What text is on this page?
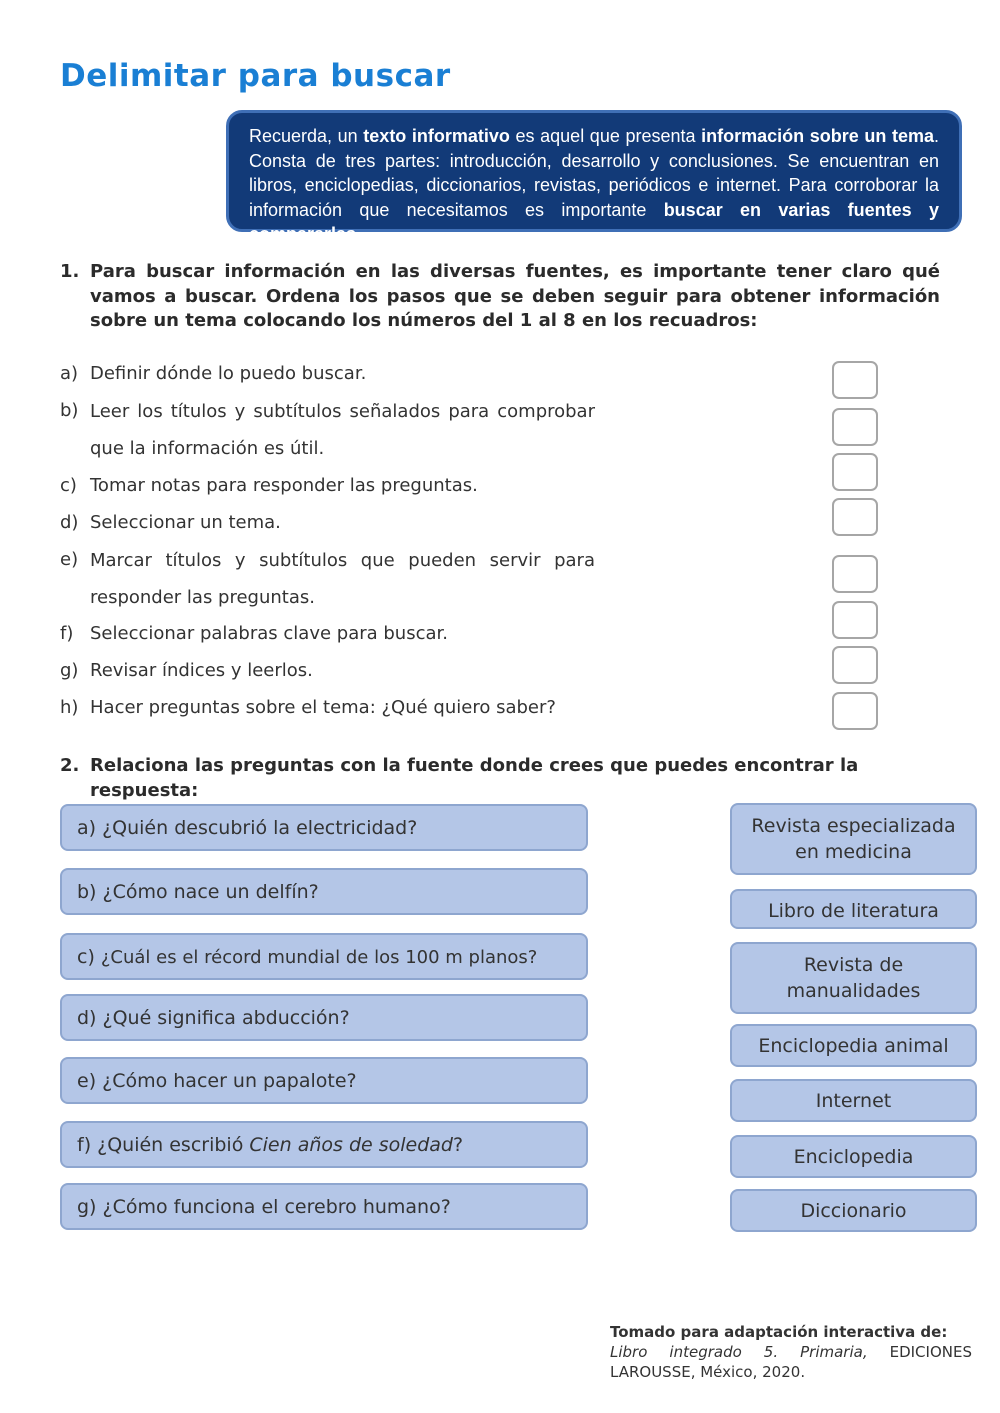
Delimitar para buscar
Recuerda, un texto informativo es aquel que presenta información sobre un tema. Consta de tres partes: introducción, desarrollo y conclusiones. Se encuentran en libros, enciclopedias, diccionarios, revistas, periódicos e internet. Para corroborar la información que necesitamos es importante buscar en varias fuentes y compararlas.

1. Para buscar información en las diversas fuentes, es importante tener claro qué vamos a buscar. Ordena los pasos que se deben seguir para obtener información sobre un tema colocando los números del 1 al 8 en los recuadros:

a) Definir dónde lo puedo buscar.
b) Leer los títulos y subtítulos señalados para comprobar que la información es útil.
c) Tomar notas para responder las preguntas.
d) Seleccionar un tema.
e) Marcar títulos y subtítulos que pueden servir para responder las preguntas.
f) Seleccionar palabras clave para buscar.
g) Revisar índices y leerlos.
h) Hacer preguntas sobre el tema: ¿Qué quiero saber?

2. Relaciona las preguntas con la fuente donde crees que puedes encontrar la respuesta:

a) ¿Quién descubrió la electricidad?
b) ¿Cómo nace un delfín?
c) ¿Cuál es el récord mundial de los 100 m planos?
d) ¿Qué significa abducción?
e) ¿Cómo hacer un papalote?
f) ¿Quién escribió Cien años de soledad?
g) ¿Cómo funciona el cerebro humano?
Revista especializada en medicina
Libro de literatura
Revista de manualidades
Enciclopedia animal
Internet
Enciclopedia
Diccionario
Tomado para adaptación interactiva de:
Libro integrado 5. Primaria, EDICIONES LAROUSSE, México, 2020.
